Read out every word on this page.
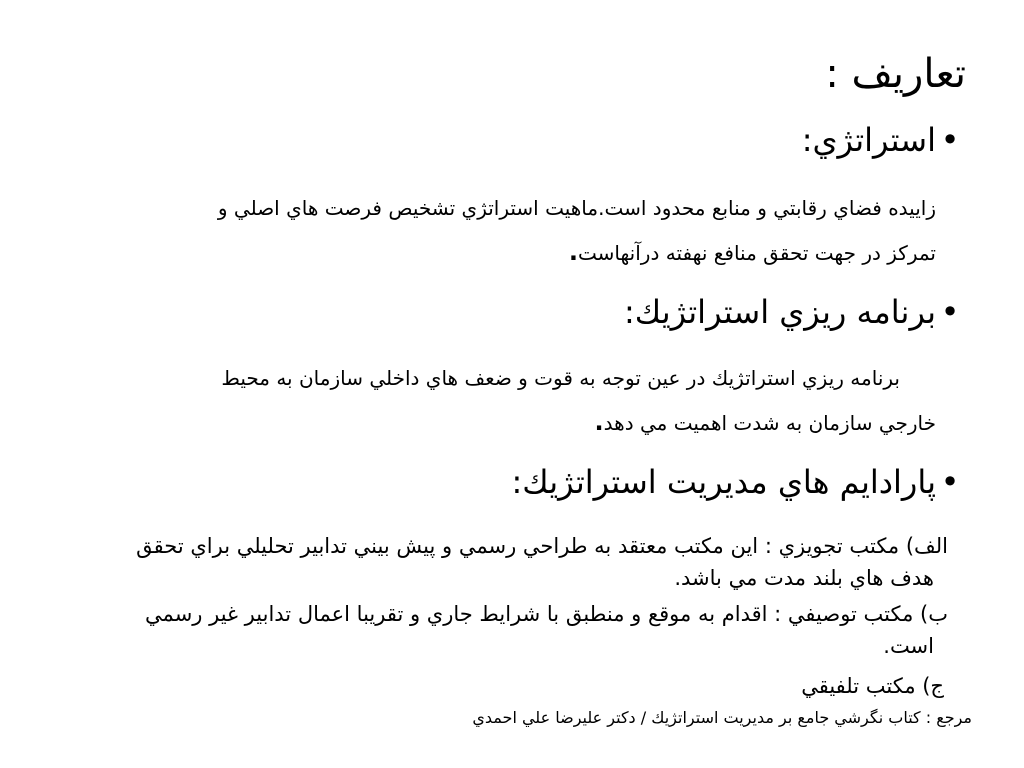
تعاريف :
•استراتژي:
زاييده فضاي رقابتي و منابع محدود است.ماهيت استراتژي تشخيص فرصت هاي اصلي و
تمركز در جهت تحقق منافع نهفته درآنهاست.
•برنامه ريزي استراتژيك:
برنامه ريزي استراتژيك در عين توجه به قوت و ضعف هاي داخلي سازمان به محيط
خارجي سازمان به شدت اهميت مي دهد.
•پارادايم هاي مديريت استراتژيك:
الف) مكتب تجويزي : اين مكتب معتقد به طراحي رسمي و پيش بيني تدابير تحليلي براي تحقق
هدف هاي بلند مدت مي باشد.
ب) مكتب توصيفي : اقدام به موقع و منطبق با شرايط جاري و تقريبا اعمال تدابير غير رسمي
است.
ج) مكتب تلفيقي
مرجع : كتاب نگرشي جامع بر مديريت استراتژيك / دكتر عليرضا علي احمدي
